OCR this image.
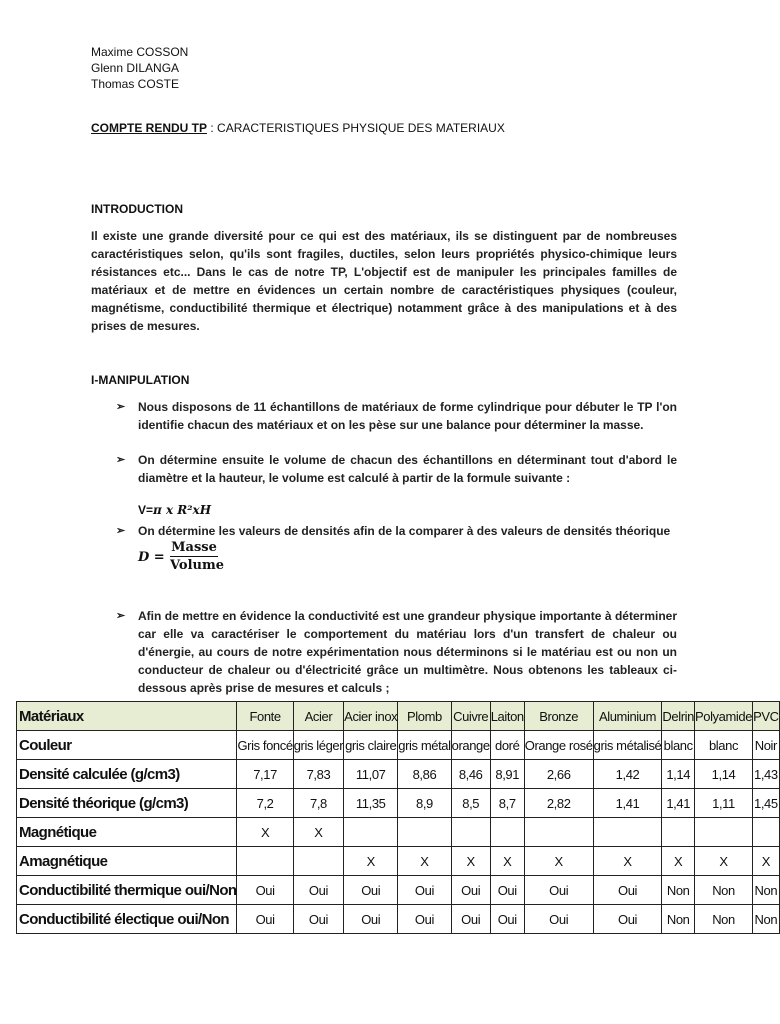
Maxime COSSON
Glenn DILANGA
Thomas COSTE
COMPTE RENDU TP : CARACTERISTIQUES PHYSIQUE DES MATERIAUX
INTRODUCTION
Il existe une grande diversité pour ce qui est des matériaux, ils se distinguent par de nombreuses caractéristiques selon, qu'ils sont fragiles, ductiles, selon leurs propriétés physico-chimique leurs résistances etc... Dans le cas de notre TP, L'objectif est de manipuler les principales familles de matériaux et de mettre en évidences un certain nombre de caractéristiques physiques (couleur, magnétisme, conductibilité thermique et électrique) notamment grâce à des manipulations et à des prises de mesures.
I-MANIPULATION
➢ Nous disposons de 11 échantillons de matériaux de forme cylindrique pour débuter le TP l'on identifie chacun des matériaux et on les pèse sur une balance pour déterminer la masse.
➢ On détermine ensuite le volume de chacun des échantillons en déterminant tout d'abord le diamètre et la hauteur, le volume est calculé à partir de la formule suivante :
V=π x R²xH
➢ On détermine les valeurs de densités afin de la comparer à des valeurs de densités théorique
D =
Masse
Volume
➢ Afin de mettre en évidence la conductivité est une grandeur physique importante à déterminer car elle va caractériser le comportement du matériau lors d'un transfert de chaleur ou d'énergie, au cours de notre expérimentation nous déterminons si le matériau est ou non un conducteur de chaleur ou d'électricité grâce un multimètre. Nous obtenons les tableaux ci-dessous après prise de mesures et calculs ;
Matériaux	Fonte	Acier	Acier inox	Plomb	Cuivre	Laiton	Bronze	Aluminium	Delrin	Polyamide	PVC
Couleur	Gris foncé	gris léger	gris claire	gris métal	orange	doré	Orange rosé	gris métalisé	blanc	blanc	Noir
Densité calculée (g/cm3)	7,17	7,83	11,07	8,86	8,46	8,91	2,66	1,42	1,14	1,14	1,43
Densité théorique (g/cm3)	7,2	7,8	11,35	8,9	8,5	8,7	2,82	1,41	1,41	1,11	1,45
Magnétique	X	X									
Amagnétique			X	X	X	X	X	X	X	X	X
Conductibilité thermique oui/Non	Oui	Oui	Oui	Oui	Oui	Oui	Oui	Oui	Non	Non	Non
Conductibilité électique oui/Non	Oui	Oui	Oui	Oui	Oui	Oui	Oui	Oui	Non	Non	Non
